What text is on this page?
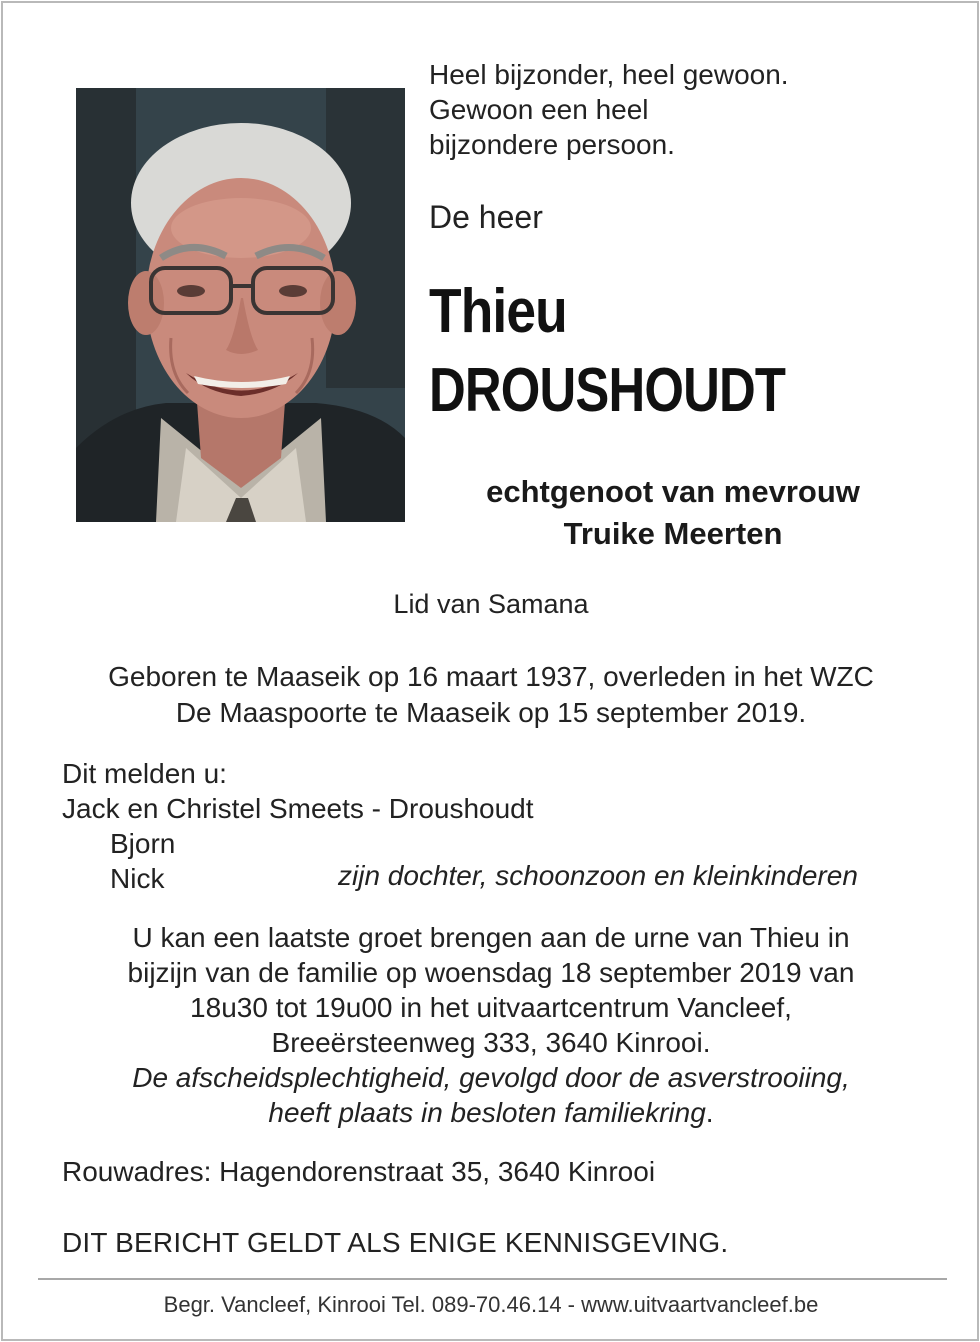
Heel bijzonder, heel gewoon.
Gewoon een heel
bijzondere persoon.
De heer
Thieu
DROUSHOUDT
echtgenoot van mevrouw
Truike Meerten
Lid van Samana
Geboren te Maaseik op 16 maart 1937, overleden in het WZC
De Maaspoorte te Maaseik op 15 september 2019.
Dit melden u:
Jack en Christel Smeets - Droushoudt
Bjorn
Nick	zijn dochter, schoonzoon en kleinkinderen
U kan een laatste groet brengen aan de urne van Thieu in
bijzijn van de familie op woensdag 18 september 2019 van
18u30 tot 19u00 in het uitvaartcentrum Vancleef,
Breeërsteenweg 333, 3640 Kinrooi.
De afscheidsplechtigheid, gevolgd door de asverstrooiing,
heeft plaats in besloten familiekring.
Rouwadres: Hagendorenstraat 35, 3640 Kinrooi
DIT BERICHT GELDT ALS ENIGE KENNISGEVING.
Begr. Vancleef, Kinrooi Tel. 089-70.46.14 - www.uitvaartvancleef.be
